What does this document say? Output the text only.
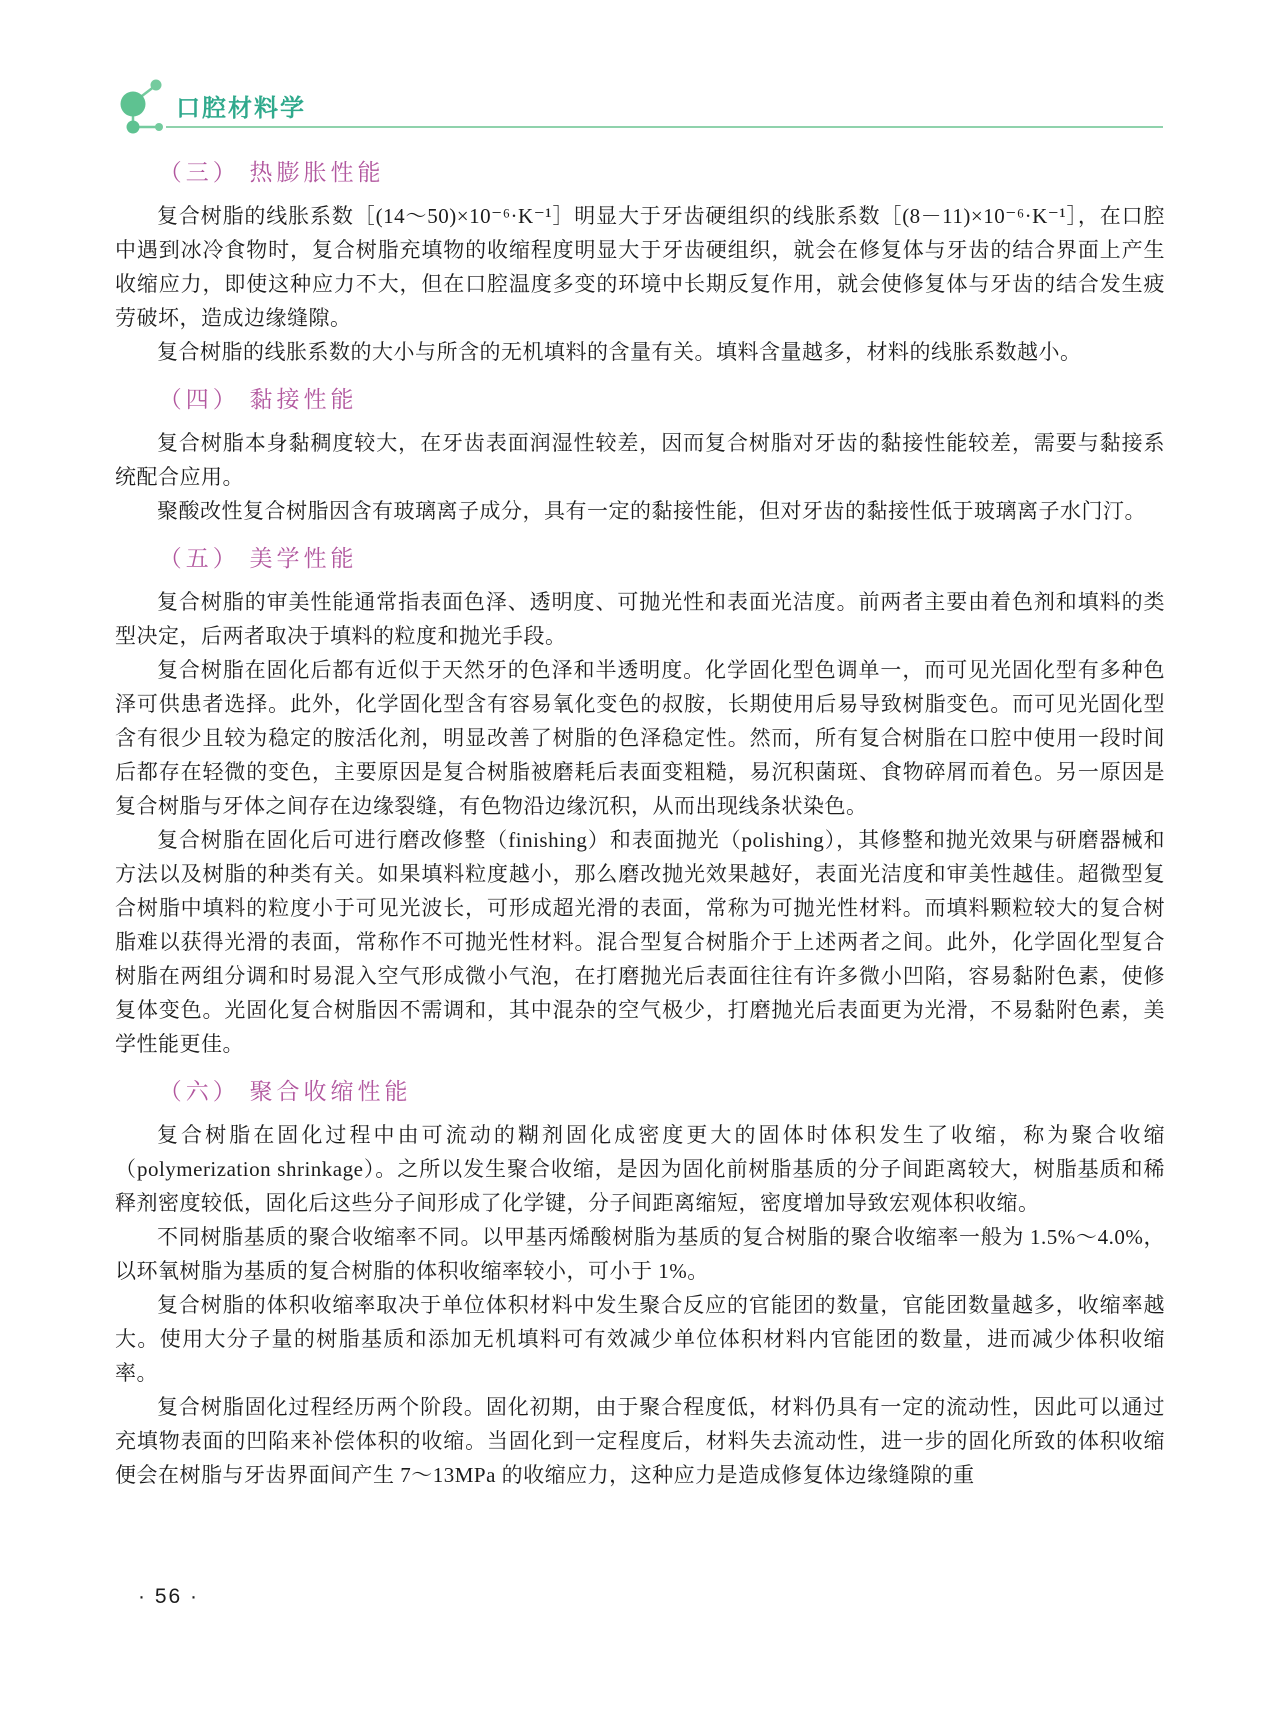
口腔材料学
（三） 热膨胀性能

复合树脂的线胀系数［(14～50)×10⁻⁶·K⁻¹］明显大于牙齿硬组织的线胀系数［(8－11)×10⁻⁶·K⁻¹］，在口腔中遇到冰冷食物时，复合树脂充填物的收缩程度明显大于牙齿硬组织，就会在修复体与牙齿的结合界面上产生收缩应力，即使这种应力不大，但在口腔温度多变的环境中长期反复作用，就会使修复体与牙齿的结合发生疲劳破坏，造成边缘缝隙。

复合树脂的线胀系数的大小与所含的无机填料的含量有关。填料含量越多，材料的线胀系数越小。

（四） 黏接性能

复合树脂本身黏稠度较大，在牙齿表面润湿性较差，因而复合树脂对牙齿的黏接性能较差，需要与黏接系统配合应用。

聚酸改性复合树脂因含有玻璃离子成分，具有一定的黏接性能，但对牙齿的黏接性低于玻璃离子水门汀。

（五） 美学性能

复合树脂的审美性能通常指表面色泽、透明度、可抛光性和表面光洁度。前两者主要由着色剂和填料的类型决定，后两者取决于填料的粒度和抛光手段。

复合树脂在固化后都有近似于天然牙的色泽和半透明度。化学固化型色调单一，而可见光固化型有多种色泽可供患者选择。此外，化学固化型含有容易氧化变色的叔胺，长期使用后易导致树脂变色。而可见光固化型含有很少且较为稳定的胺活化剂，明显改善了树脂的色泽稳定性。然而，所有复合树脂在口腔中使用一段时间后都存在轻微的变色，主要原因是复合树脂被磨耗后表面变粗糙，易沉积菌斑、食物碎屑而着色。另一原因是复合树脂与牙体之间存在边缘裂缝，有色物沿边缘沉积，从而出现线条状染色。

复合树脂在固化后可进行磨改修整（finishing）和表面抛光（polishing），其修整和抛光效果与研磨器械和方法以及树脂的种类有关。如果填料粒度越小，那么磨改抛光效果越好，表面光洁度和审美性越佳。超微型复合树脂中填料的粒度小于可见光波长，可形成超光滑的表面，常称为可抛光性材料。而填料颗粒较大的复合树脂难以获得光滑的表面，常称作不可抛光性材料。混合型复合树脂介于上述两者之间。此外，化学固化型复合树脂在两组分调和时易混入空气形成微小气泡，在打磨抛光后表面往往有许多微小凹陷，容易黏附色素，使修复体变色。光固化复合树脂因不需调和，其中混杂的空气极少，打磨抛光后表面更为光滑，不易黏附色素，美学性能更佳。

（六） 聚合收缩性能

复合树脂在固化过程中由可流动的糊剂固化成密度更大的固体时体积发生了收缩，称为聚合收缩（polymerization shrinkage）。之所以发生聚合收缩，是因为固化前树脂基质的分子间距离较大，树脂基质和稀释剂密度较低，固化后这些分子间形成了化学键，分子间距离缩短，密度增加导致宏观体积收缩。

不同树脂基质的聚合收缩率不同。以甲基丙烯酸树脂为基质的复合树脂的聚合收缩率一般为 1.5%～4.0%，以环氧树脂为基质的复合树脂的体积收缩率较小，可小于 1%。

复合树脂的体积收缩率取决于单位体积材料中发生聚合反应的官能团的数量，官能团数量越多，收缩率越大。使用大分子量的树脂基质和添加无机填料可有效减少单位体积材料内官能团的数量，进而减少体积收缩率。

复合树脂固化过程经历两个阶段。固化初期，由于聚合程度低，材料仍具有一定的流动性，因此可以通过充填物表面的凹陷来补偿体积的收缩。当固化到一定程度后，材料失去流动性，进一步的固化所致的体积收缩便会在树脂与牙齿界面间产生 7～13MPa 的收缩应力，这种应力是造成修复体边缘缝隙的重

· 56 ·
